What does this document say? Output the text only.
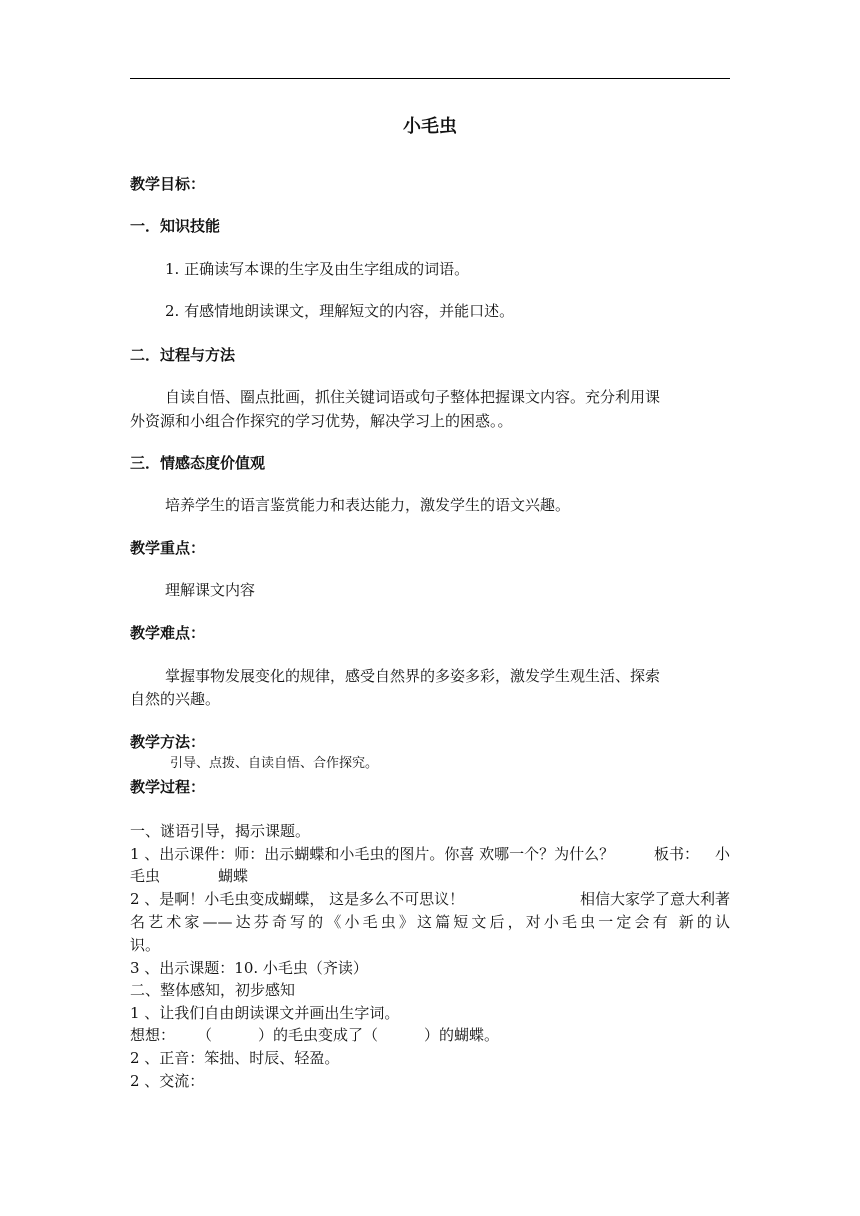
小毛虫
教学目标：
一．知识技能
1. 正确读写本课的生字及由生字组成的词语。
2. 有感情地朗读课文，理解短文的内容，并能口述。
二．过程与方法
自读自悟、圈点批画，抓住关键词语或句子整体把握课文内容。充分利用课
外资源和小组合作探究的学习优势，解决学习上的困惑。。
三．情感态度价值观
培养学生的语言鉴赏能力和表达能力，激发学生的语文兴趣。
教学重点：
理解课文内容
教学难点：
掌握事物发展变化的规律，感受自然界的多姿多彩，激发学生观生活、探索
自然的兴趣。
教学方法：
引导、点拨、自读自悟、合作探究。
教学过程：
一、谜语引导，揭示课题。
1 、出示课件：师：出示蝴蝶和小毛虫的图片。你喜 欢哪一个？为什么？	板书： 小
毛虫	蝴蝶
2 、是啊！小毛虫变成蝴蝶， 这是多么不可思议！	相信大家学了意大利著
名艺术家——达芬奇写的《小毛虫》这篇短文后，对小毛虫一定会有 新的认
识。
3 、出示课题：10. 小毛虫（齐读）
二、整体感知，初步感知
1 、让我们自由朗读课文并画出生字词。
想想： （	）的毛虫变成了（	）的蝴蝶。
2 、正音：笨拙、时辰、轻盈。
2 、交流：
